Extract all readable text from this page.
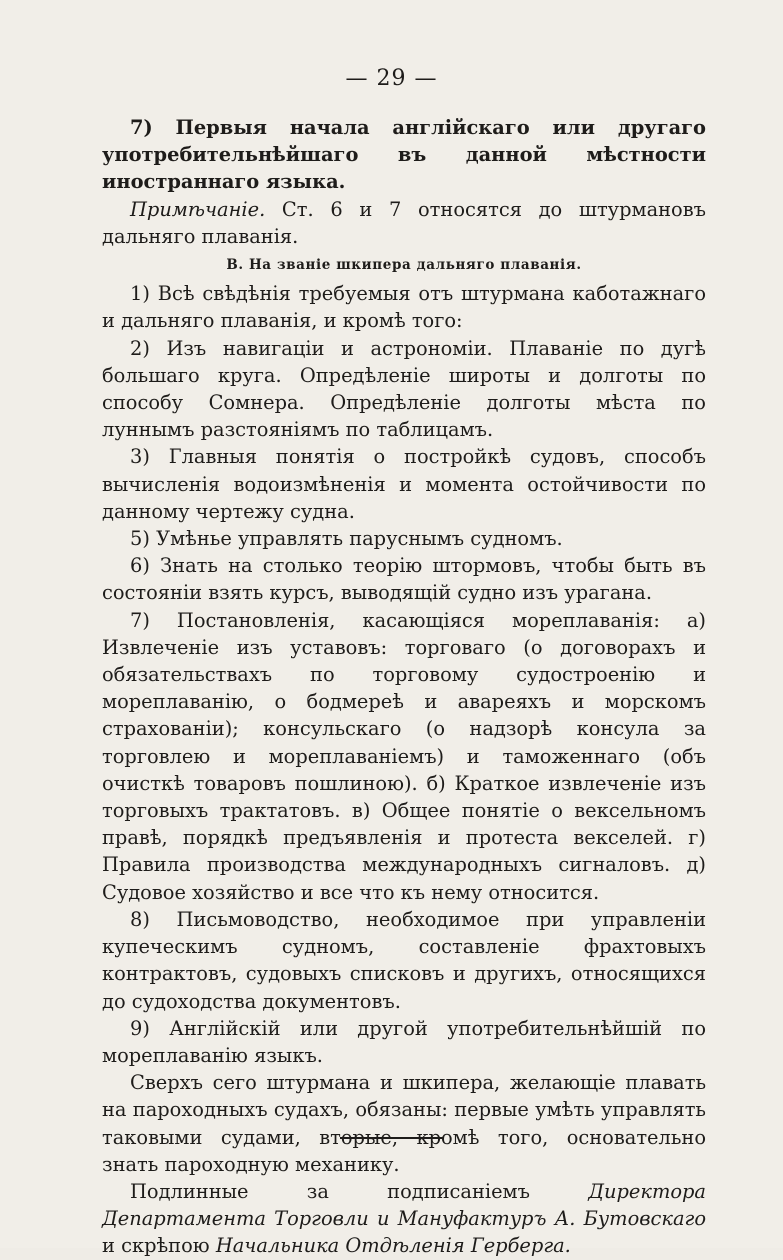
— 29 —

7) Первыя начала англійскаго или другаго употребительнѣйшаго въ данной мѣстности иностраннаго языка.

Примѣчаніе. Ст. 6 и 7 относятся до штурмановъ дальняго плаванія.

В. На званіе шкипера дальняго плаванія.

1) Всѣ свѣдѣнія требуемыя отъ штурмана каботажнаго и дальняго плаванія, и кромѣ того:

2) Изъ навигаціи и астрономіи. Плаваніе по дугѣ большаго круга. Опредѣленіе широты и долготы по способу Сомнера. Опредѣленіе долготы мѣста по луннымъ разстояніямъ по таблицамъ.

3) Главныя понятія о постройкѣ судовъ, способъ вычисленія водоизмѣненія и момента остойчивости по данному чертежу судна.

5) Умѣнье управлять паруснымъ судномъ.

6) Знать на столько теорію штормовъ, чтобы быть въ состояніи взять курсъ, выводящій судно изъ урагана.

7) Постановленія, касающіяся мореплаванія: а) Извлеченіе изъ уставовъ: торговаго (о договорахъ и обязательствахъ по торговому судостроенію и мореплаванію, о бодмереѣ и авареяхъ и морскомъ страхованіи); консульскаго (о надзорѣ консула за торговлею и мореплаваніемъ) и таможеннаго (объ очисткѣ товаровъ пошлиною). б) Краткое извлеченіе изъ торговыхъ трактатовъ. в) Общее понятіе о вексельномъ правѣ, порядкѣ предъявленія и протеста векселей. г) Правила производства международныхъ сигналовъ. д) Судовое хозяйство и все что къ нему относится.

8) Письмоводство, необходимое при управленіи купеческимъ судномъ, составленіе фрахтовыхъ контрактовъ, судовыхъ списковъ и другихъ, относящихся до судоходства документовъ.

9) Англійскій или другой употребительнѣйшій по мореплаванію языкъ.

Сверхъ сего штурмана и шкипера, желающіе плавать на пароходныхъ судахъ, обязаны: первые умѣть управлять таковыми судами, вторые, кромѣ того, основательно знать пароходную механику.

Подлинные за подписаніемъ Директора Департамента Торговли и Мануфактуръ А. Бутовскаго и скрѣпою Начальника Отдѣленія Герберга.
